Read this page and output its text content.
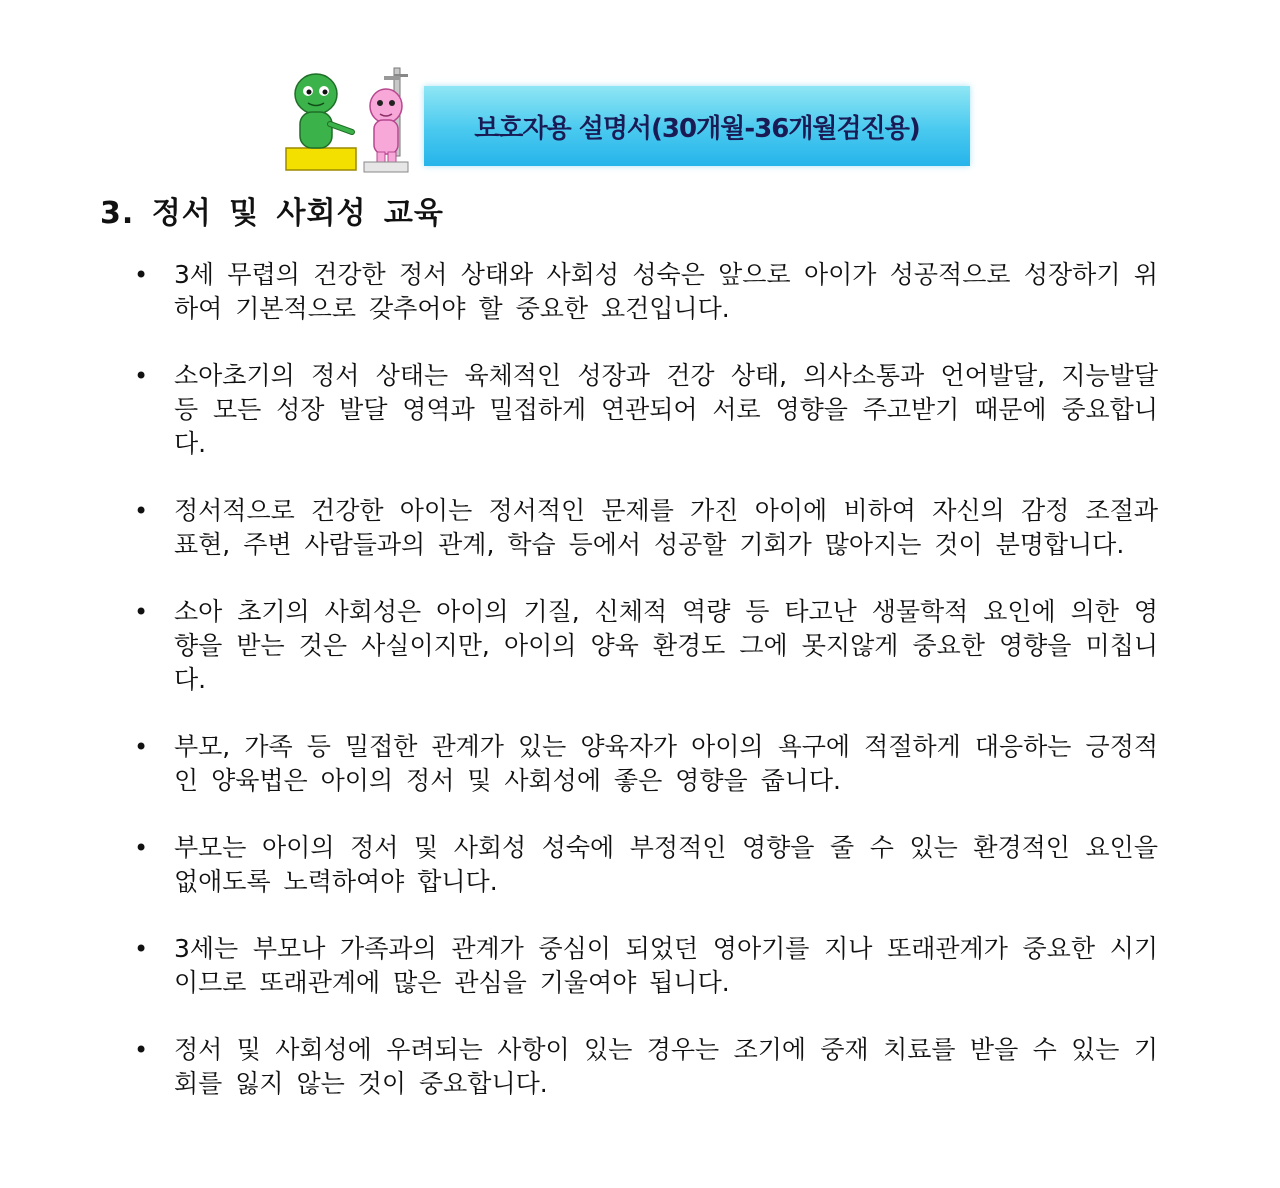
보호자용 설명서(30개월-36개월검진용)
3. 정서 및 사회성 교육
• 3세 무렵의 건강한 정서 상태와 사회성 성숙은 앞으로 아이가 성공적으로 성장하기 위하여 기본적으로 갖추어야 할 중요한 요건입니다.
• 소아초기의 정서 상태는 육체적인 성장과 건강 상태, 의사소통과 언어발달, 지능발달 등 모든 성장 발달 영역과 밀접하게 연관되어 서로 영향을 주고받기 때문에 중요합니다.
• 정서적으로 건강한 아이는 정서적인 문제를 가진 아이에 비하여 자신의 감정 조절과 표현, 주변 사람들과의 관계, 학습 등에서 성공할 기회가 많아지는 것이 분명합니다.
• 소아 초기의 사회성은 아이의 기질, 신체적 역량 등 타고난 생물학적 요인에 의한 영향을 받는 것은 사실이지만, 아이의 양육 환경도 그에 못지않게 중요한 영향을 미칩니다.
• 부모, 가족 등 밀접한 관계가 있는 양육자가 아이의 욕구에 적절하게 대응하는 긍정적인 양육법은 아이의 정서 및 사회성에 좋은 영향을 줍니다.
• 부모는 아이의 정서 및 사회성 성숙에 부정적인 영향을 줄 수 있는 환경적인 요인을 없애도록 노력하여야 합니다.
• 3세는 부모나 가족과의 관계가 중심이 되었던 영아기를 지나 또래관계가 중요한 시기이므로 또래관계에 많은 관심을 기울여야 됩니다.
• 정서 및 사회성에 우려되는 사항이 있는 경우는 조기에 중재 치료를 받을 수 있는 기회를 잃지 않는 것이 중요합니다.
